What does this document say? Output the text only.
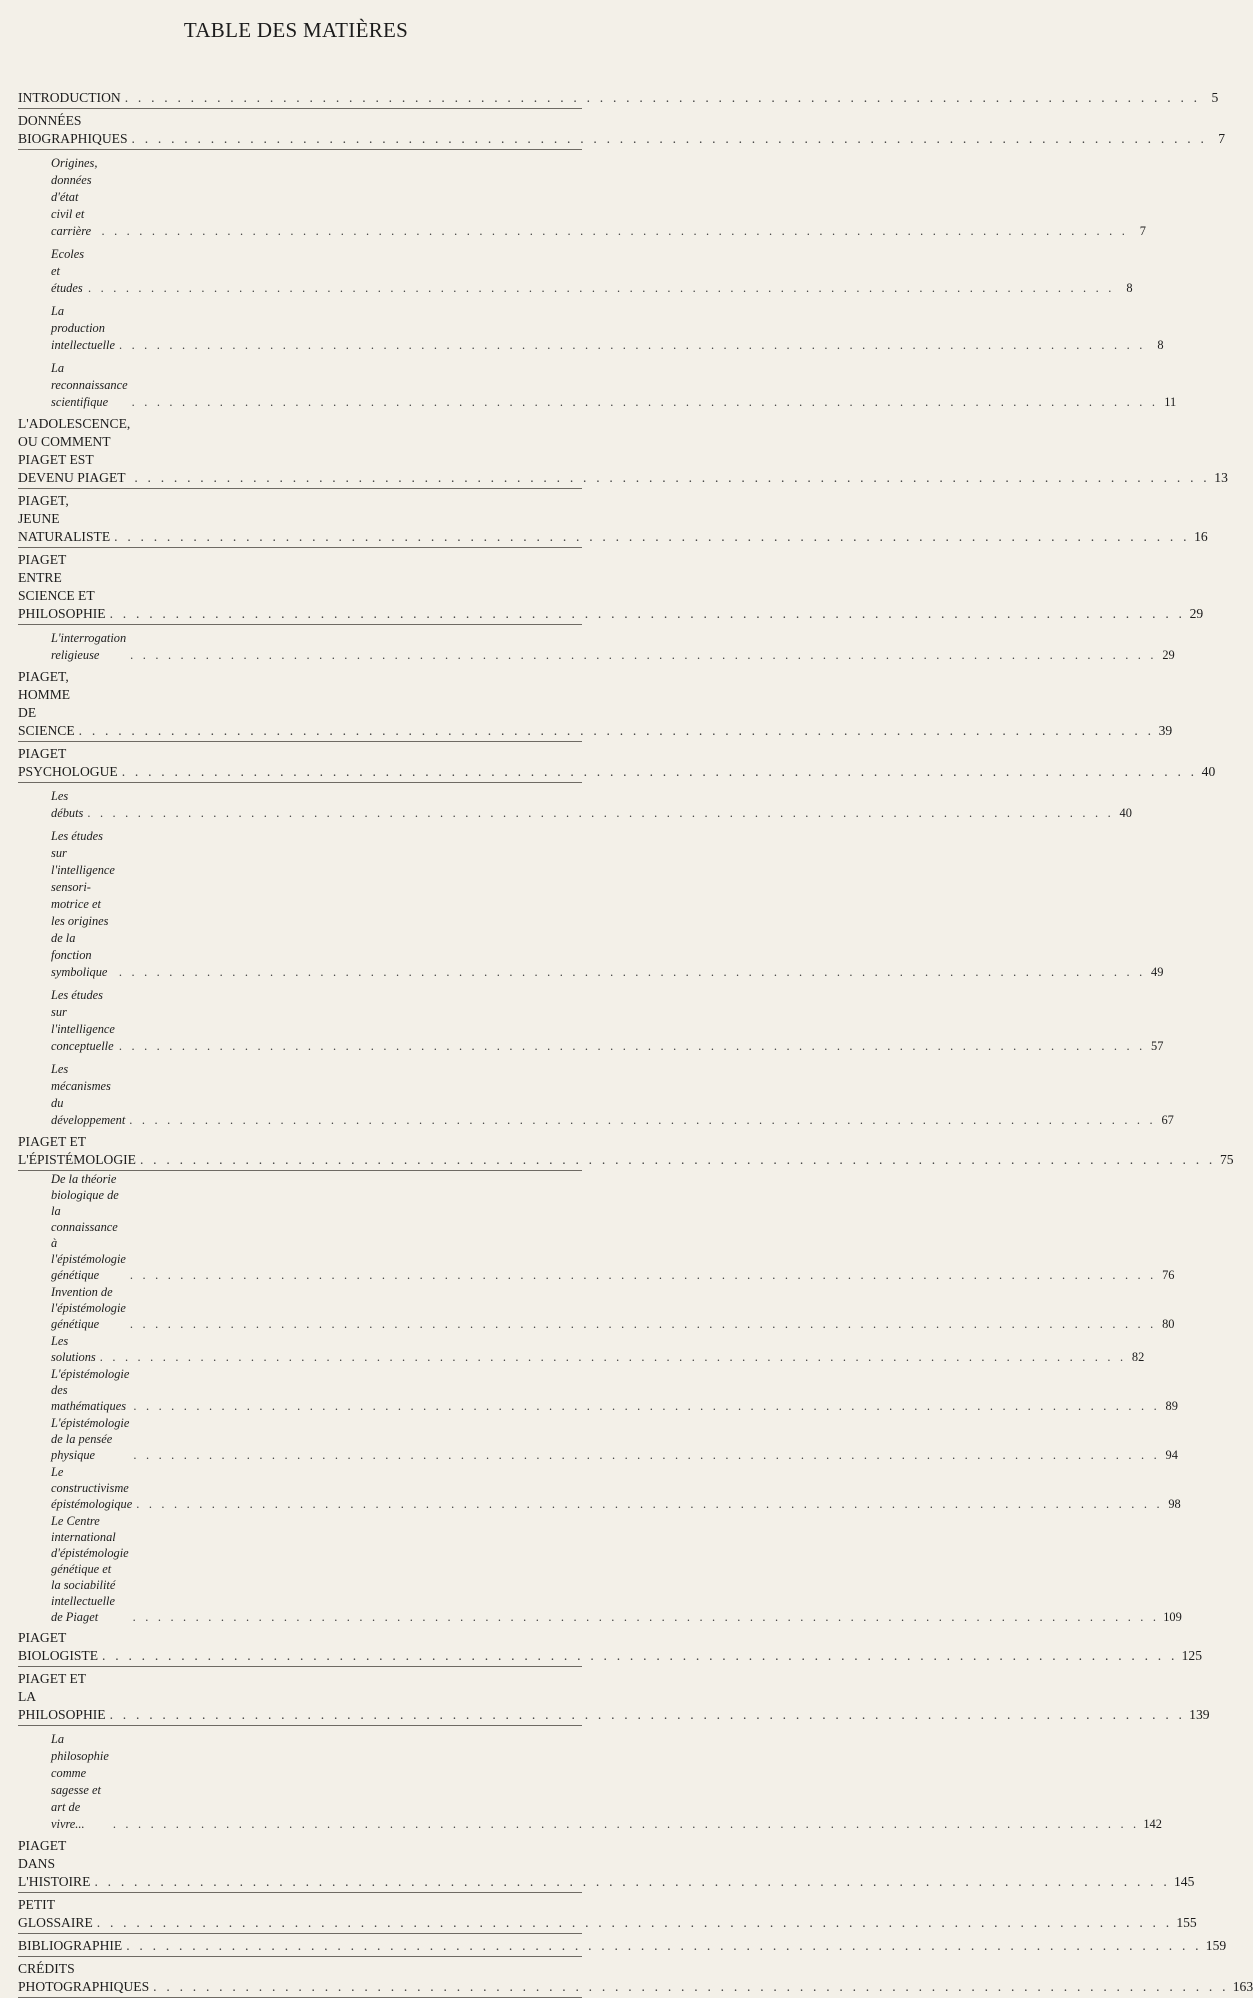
TABLE DES MATIÈRES
INTRODUCTION . . .	5
DONNÉES BIOGRAPHIQUES . . .	7
Origines, données d'état civil et carrière . . .	7
Ecoles et études . . .	8
La production intellectuelle . . .	8
La reconnaissance scientifique . . .	11
L'ADOLESCENCE, OU COMMENT PIAGET EST DEVENU PIAGET . . .	13
PIAGET, JEUNE NATURALISTE . . .	16
PIAGET ENTRE SCIENCE ET PHILOSOPHIE . . .	29
L'interrogation religieuse . . .	29
PIAGET, HOMME DE SCIENCE . . .	39
PIAGET PSYCHOLOGUE . . .	40
Les débuts . . .	40
Les études sur l'intelligence sensori-motrice et
les origines de la fonction symbolique . . .	49
Les études sur l'intelligence conceptuelle . . .	57
Les mécanismes du développement . . .	67
PIAGET ET L'ÉPISTÉMOLOGIE . . .	75
De la théorie biologique de la connaissance à l'épistémologie génétique . . .	76
Invention de l'épistémologie génétique . . .	80
Les solutions . . .	82
L'épistémologie des mathématiques . . .	89
L'épistémologie de la pensée physique . . .	94
Le constructivisme épistémologique . . .	98
Le Centre international d'épistémologie génétique et
la sociabilité intellectuelle de Piaget . . .	109
PIAGET BIOLOGISTE . . .	125
PIAGET ET LA PHILOSOPHIE . . .	139
La philosophie comme sagesse et art de vivre... . . .	142
PIAGET DANS L'HISTOIRE . . .	145
PETIT GLOSSAIRE . . .	155
BIBLIOGRAPHIE . . .	159
CRÉDITS PHOTOGRAPHIQUES . . .	163
